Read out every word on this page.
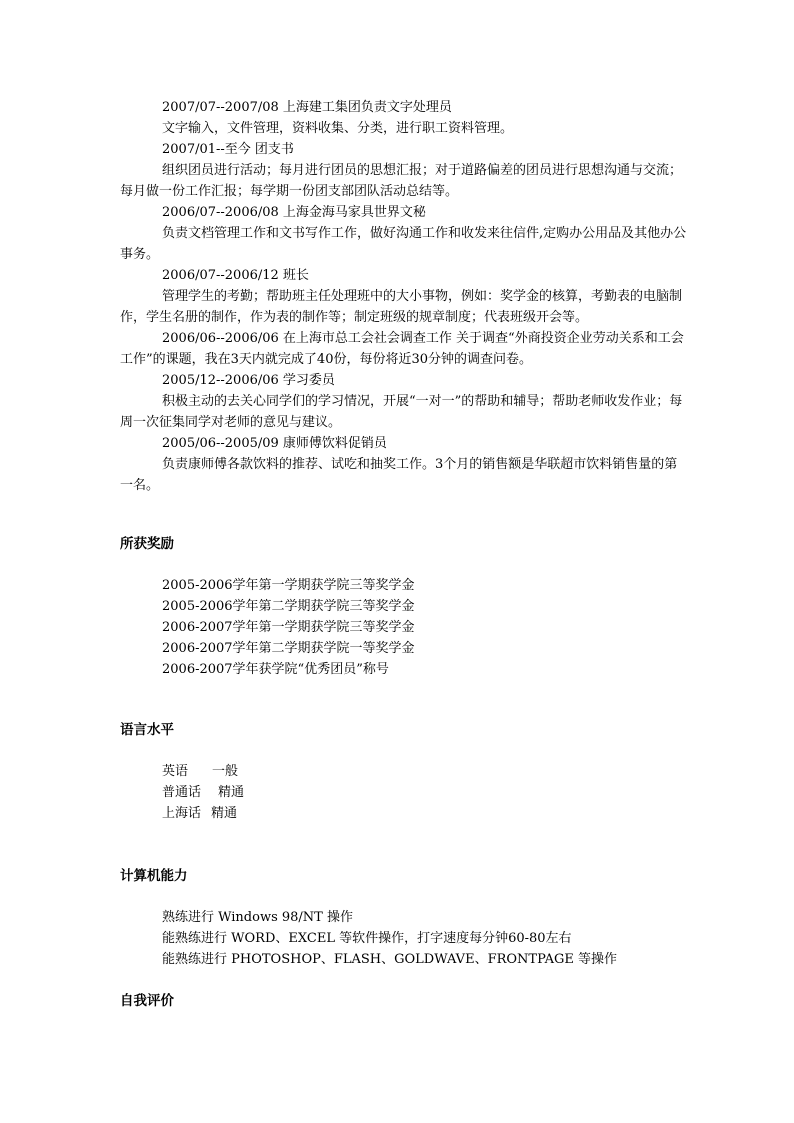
2007/07--2007/08 上海建工集团负责文字处理员

文字输入，文件管理，资料收集、分类，进行职工资料管理。

2007/01--至今 团支书

组织团员进行活动；每月进行团员的思想汇报；对于道路偏差的团员进行思想沟通与交流；每月做一份工作汇报；每学期一份团支部团队活动总结等。

2006/07--2006/08 上海金海马家具世界文秘

负责文档管理工作和文书写作工作，做好沟通工作和收发来往信件,定购办公用品及其他办公事务。

2006/07--2006/12 班长

管理学生的考勤；帮助班主任处理班中的大小事物，例如：奖学金的核算，考勤表的电脑制作，学生名册的制作，作为表的制作等；制定班级的规章制度；代表班级开会等。

2006/06--2006/06 在上海市总工会社会调查工作 关于调查“外商投资企业劳动关系和工会工作”的课题，我在3天内就完成了40份，每份将近30分钟的调查问卷。

2005/12--2006/06 学习委员

积极主动的去关心同学们的学习情况，开展“一对一”的帮助和辅导；帮助老师收发作业；每周一次征集同学对老师的意见与建议。

2005/06--2005/09 康师傅饮料促销员

负责康师傅各款饮料的推荐、试吃和抽奖工作。3个月的销售额是华联超市饮料销售量的第一名。

所获奖励
2005-2006学年第一学期获学院三等奖学金
2005-2006学年第二学期获学院三等奖学金
2006-2007学年第一学期获学院三等奖学金
2006-2007学年第二学期获学院一等奖学金
2006-2007学年获学院“优秀团员”称号
语言水平
英语 一般
普通话 精通
上海话 精通
计算机能力
熟练进行 Windows 98/NT 操作
能熟练进行 WORD、EXCEL 等软件操作，打字速度每分钟60-80左右
能熟练进行 PHOTOSHOP、FLASH、GOLDWAVE、FRONTPAGE 等操作
自我评价
